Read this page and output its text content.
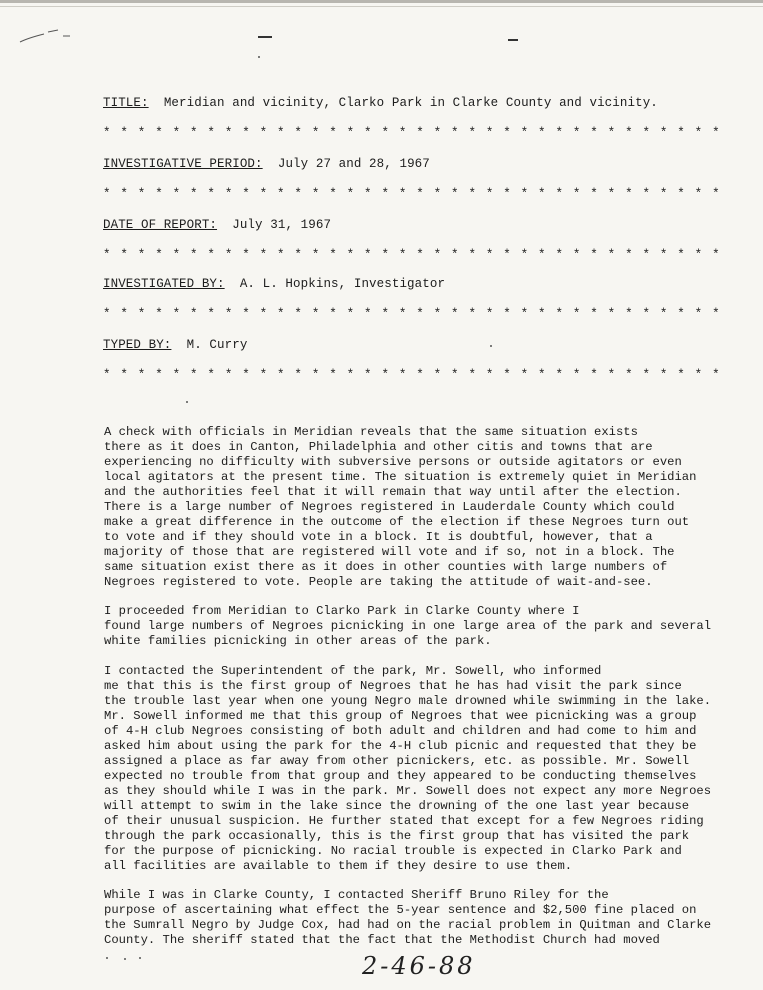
TITLE: Meridian and vicinity, Clarko Park in Clarke County and vicinity.
* * * * * * * * * * * * * * * * * * * * * * * * * * * * * * * * * * * *
INVESTIGATIVE PERIOD: July 27 and 28, 1967
* * * * * * * * * * * * * * * * * * * * * * * * * * * * * * * * * * * *
DATE OF REPORT: July 31, 1967
* * * * * * * * * * * * * * * * * * * * * * * * * * * * * * * * * * * *
INVESTIGATED BY: A. L. Hopkins, Investigator
* * * * * * * * * * * * * * * * * * * * * * * * * * * * * * * * * * * *
TYPED BY: M. Curry
* * * * * * * * * * * * * * * * * * * * * * * * * * * * * * * * * * * *
A check with officials in Meridian reveals that the same situation exists
there as it does in Canton, Philadelphia and other citis and towns that are
experiencing no difficulty with subversive persons or outside agitators or even
local agitators at the present time. The situation is extremely quiet in Meridian
and the authorities feel that it will remain that way until after the election.
There is a large number of Negroes registered in Lauderdale County which could
make a great difference in the outcome of the election if these Negroes turn out
to vote and if they should vote in a block. It is doubtful, however, that a
majority of those that are registered will vote and if so, not in a block. The
same situation exist there as it does in other counties with large numbers of
Negroes registered to vote. People are taking the attitude of wait-and-see.
I proceeded from Meridian to Clarko Park in Clarke County where I
found large numbers of Negroes picnicking in one large area of the park and several
white families picnicking in other areas of the park.
I contacted the Superintendent of the park, Mr. Sowell, who informed
me that this is the first group of Negroes that he has had visit the park since
the trouble last year when one young Negro male drowned while swimming in the lake.
Mr. Sowell informed me that this group of Negroes that wee picnicking was a group
of 4-H club Negroes consisting of both adult and children and had come to him and
asked him about using the park for the 4-H club picnic and requested that they be
assigned a place as far away from other picnickers, etc. as possible. Mr. Sowell
expected no trouble from that group and they appeared to be conducting themselves
as they should while I was in the park. Mr. Sowell does not expect any more Negroes
will attempt to swim in the lake since the drowning of the one last year because
of their unusual suspicion. He further stated that except for a few Negroes riding
through the park occasionally, this is the first group that has visited the park
for the purpose of picnicking. No racial trouble is expected in Clarko Park and
all facilities are available to them if they desire to use them.
While I was in Clarke County, I contacted Sheriff Bruno Riley for the
purpose of ascertaining what effect the 5-year sentence and $2,500 fine placed on
the Sumrall Negro by Judge Cox, had had on the racial problem in Quitman and Clarke
County. The sheriff stated that the fact that the Methodist Church had moved
2-46-88
